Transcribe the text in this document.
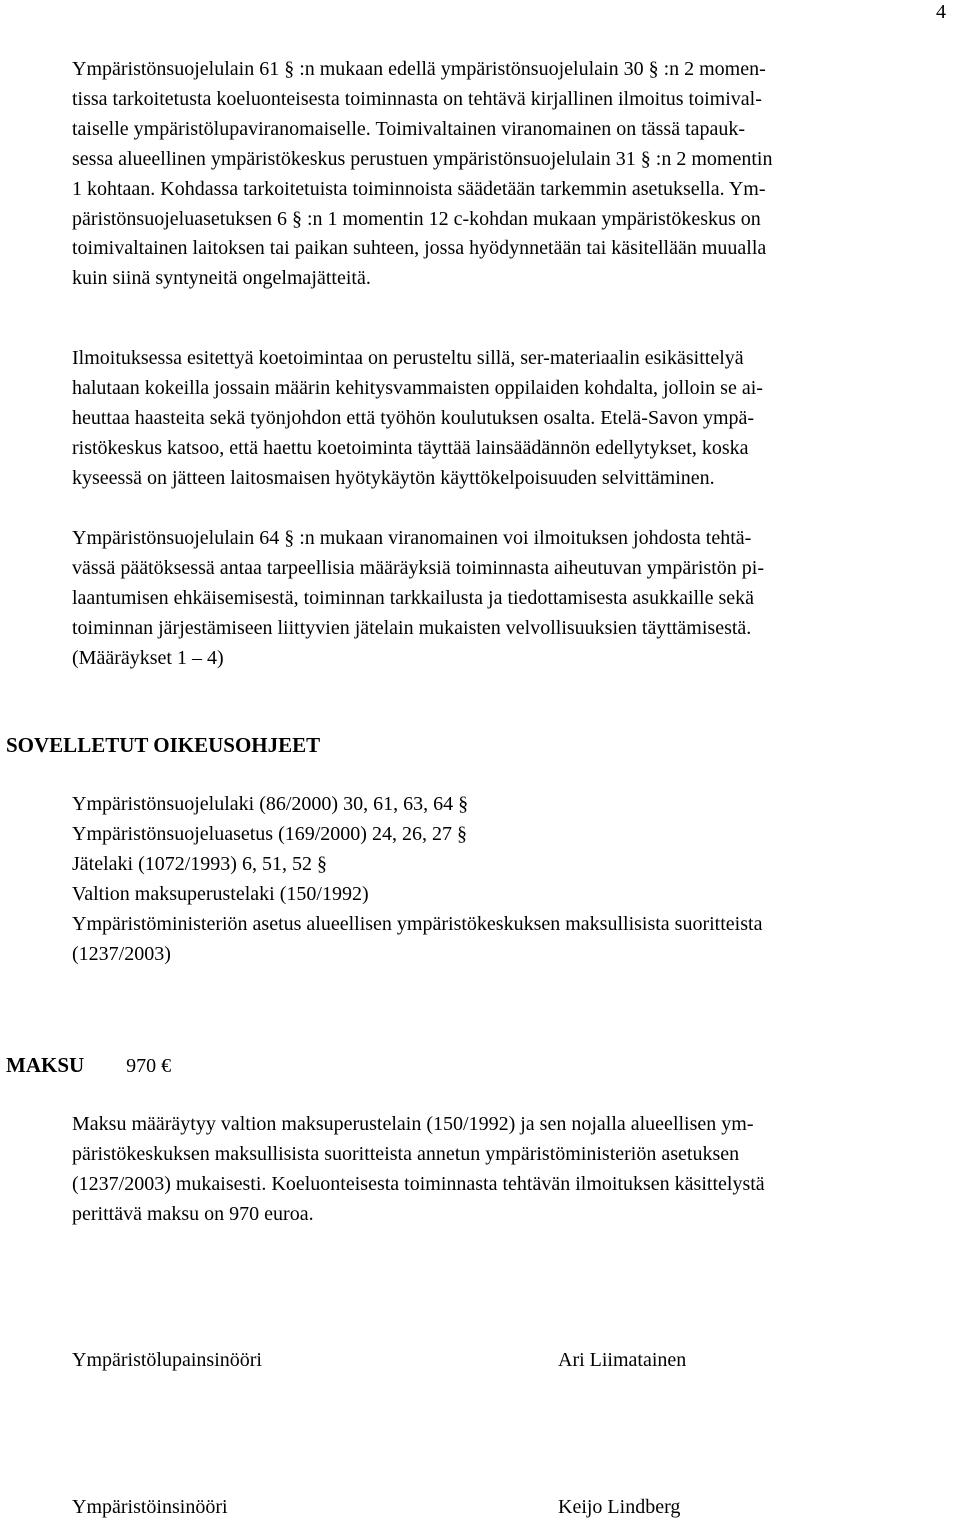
4

Ympäristönsuojelulain 61 § :n mukaan edellä ympäristönsuojelulain 30 § :n 2 momen-
tissa tarkoitetusta koeluonteisesta toiminnasta on tehtävä kirjallinen ilmoitus toimival-
taiselle ympäristölupaviranomaiselle. Toimivaltainen viranomainen on tässä tapauk-
sessa alueellinen ympäristökeskus perustuen ympäristönsuojelulain 31 § :n 2 momentin
1 kohtaan. Kohdassa tarkoitetuista toiminnoista säädetään tarkemmin asetuksella. Ym-
päristönsuojeluasetuksen 6 § :n 1 momentin 12 c-kohdan mukaan ympäristökeskus on
toimivaltainen laitoksen tai paikan suhteen, jossa hyödynnetään tai käsitellään muualla
kuin siinä syntyneitä ongelmajätteitä.

Ilmoituksessa esitettyä koetoimintaa on perusteltu sillä, ser-materiaalin esikäsittelyä
halutaan kokeilla jossain määrin kehitysvammaisten oppilaiden kohdalta, jolloin se ai-
heuttaa haasteita sekä työnjohdon että työhön koulutuksen osalta. Etelä-Savon ympä-
ristökeskus katsoo, että haettu koetoiminta täyttää lainsäädännön edellytykset, koska
kyseessä on jätteen laitosmaisen hyötykäytön käyttökelpoisuuden selvittäminen.

Ympäristönsuojelulain 64 § :n mukaan viranomainen voi ilmoituksen johdosta tehtä-
vässä päätöksessä antaa tarpeellisia määräyksiä toiminnasta aiheutuvan ympäristön pi-
laantumisen ehkäisemisestä, toiminnan tarkkailusta ja tiedottamisesta asukkaille sekä
toiminnan järjestämiseen liittyvien jätelain mukaisten velvollisuuksien täyttämisestä.
(Määräykset 1 – 4)

SOVELLETUT OIKEUSOHJEET
Ympäristönsuojelulaki (86/2000) 30, 61, 63, 64 §
Ympäristönsuojeluasetus (169/2000) 24, 26, 27 §
Jätelaki (1072/1993) 6, 51, 52 §
Valtion maksuperustelaki (150/1992)
Ympäristöministeriön asetus alueellisen ympäristökeskuksen maksullisista suoritteista
(1237/2003)
MAKSU 970 €

Maksu määräytyy valtion maksuperustelain (150/1992) ja sen nojalla alueellisen ym-
päristökeskuksen maksullisista suoritteista annetun ympäristöministeriön asetuksen
(1237/2003) mukaisesti. Koeluonteisesta toiminnasta tehtävän ilmoituksen käsittelystä
perittävä maksu on 970 euroa.

Ympäristölupainsinööri	Ari Liimatainen
Ympäristöinsinööri	Keijo Lindberg
